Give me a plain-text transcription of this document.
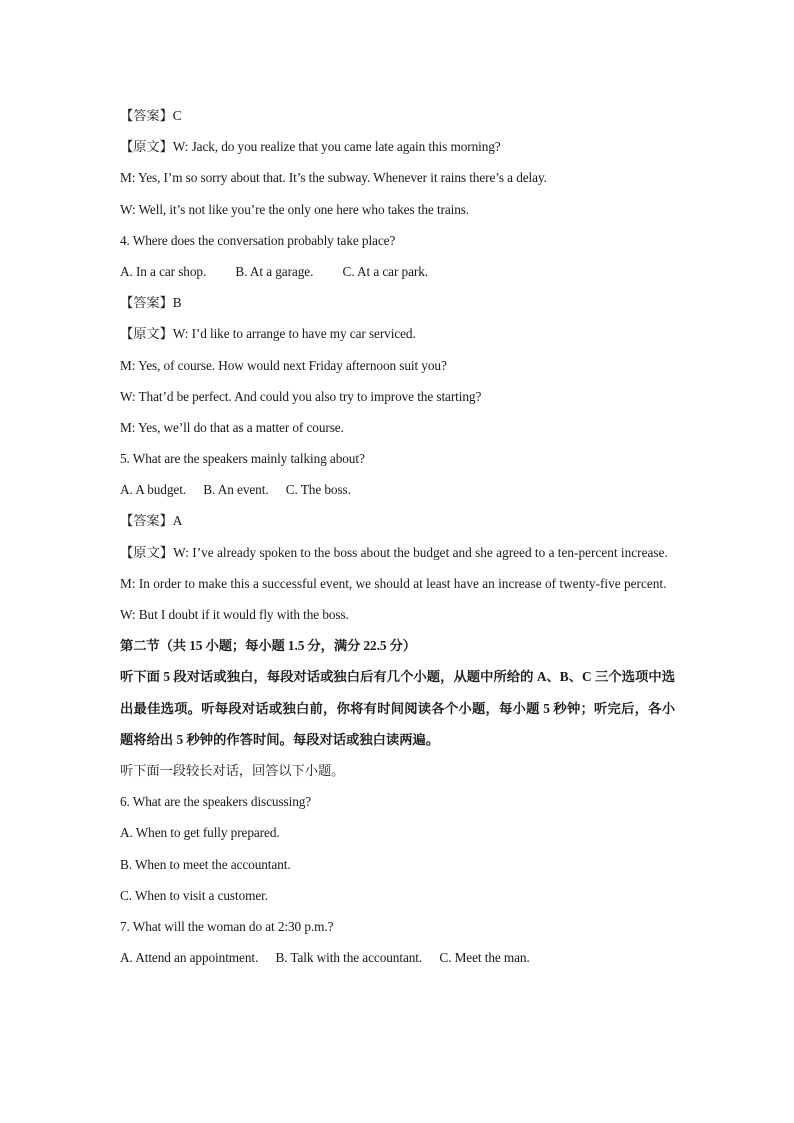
【答案】C
【原文】W: Jack, do you realize that you came late again this morning?
M: Yes, I’m so sorry about that. It’s the subway. Whenever it rains there’s a delay.
W: Well, it’s not like you’re the only one here who takes the trains.
4. Where does the conversation probably take place?
A. In a car shop. B. At a garage. C. At a car park.
【答案】B
【原文】W: I’d like to arrange to have my car serviced.
M: Yes, of course. How would next Friday afternoon suit you?
W: That’d be perfect. And could you also try to improve the starting?
M: Yes, we’ll do that as a matter of course.
5. What are the speakers mainly talking about?
A. A budget. B. An event. C. The boss.
【答案】A
【原文】W: I’ve already spoken to the boss about the budget and she agreed to a ten-percent increase.
M: In order to make this a successful event, we should at least have an increase of twenty-five percent.
W: But I doubt if it would fly with the boss.
第二节（共 15 小题；每小题 1.5 分，满分 22.5 分）
听下面 5 段对话或独白，每段对话或独白后有几个小题，从题中所给的 A、B、C 三个选项中选出最佳选项。听每段对话或独白前，你将有时间阅读各个小题，每小题 5 秒钟；听完后，各小题将给出 5 秒钟的作答时间。每段对话或独白读两遍。
听下面一段较长对话，回答以下小题。
6. What are the speakers discussing?
A. When to get fully prepared.
B. When to meet the accountant.
C. When to visit a customer.
7. What will the woman do at 2:30 p.m.?
A. Attend an appointment. B. Talk with the accountant. C. Meet the man.
